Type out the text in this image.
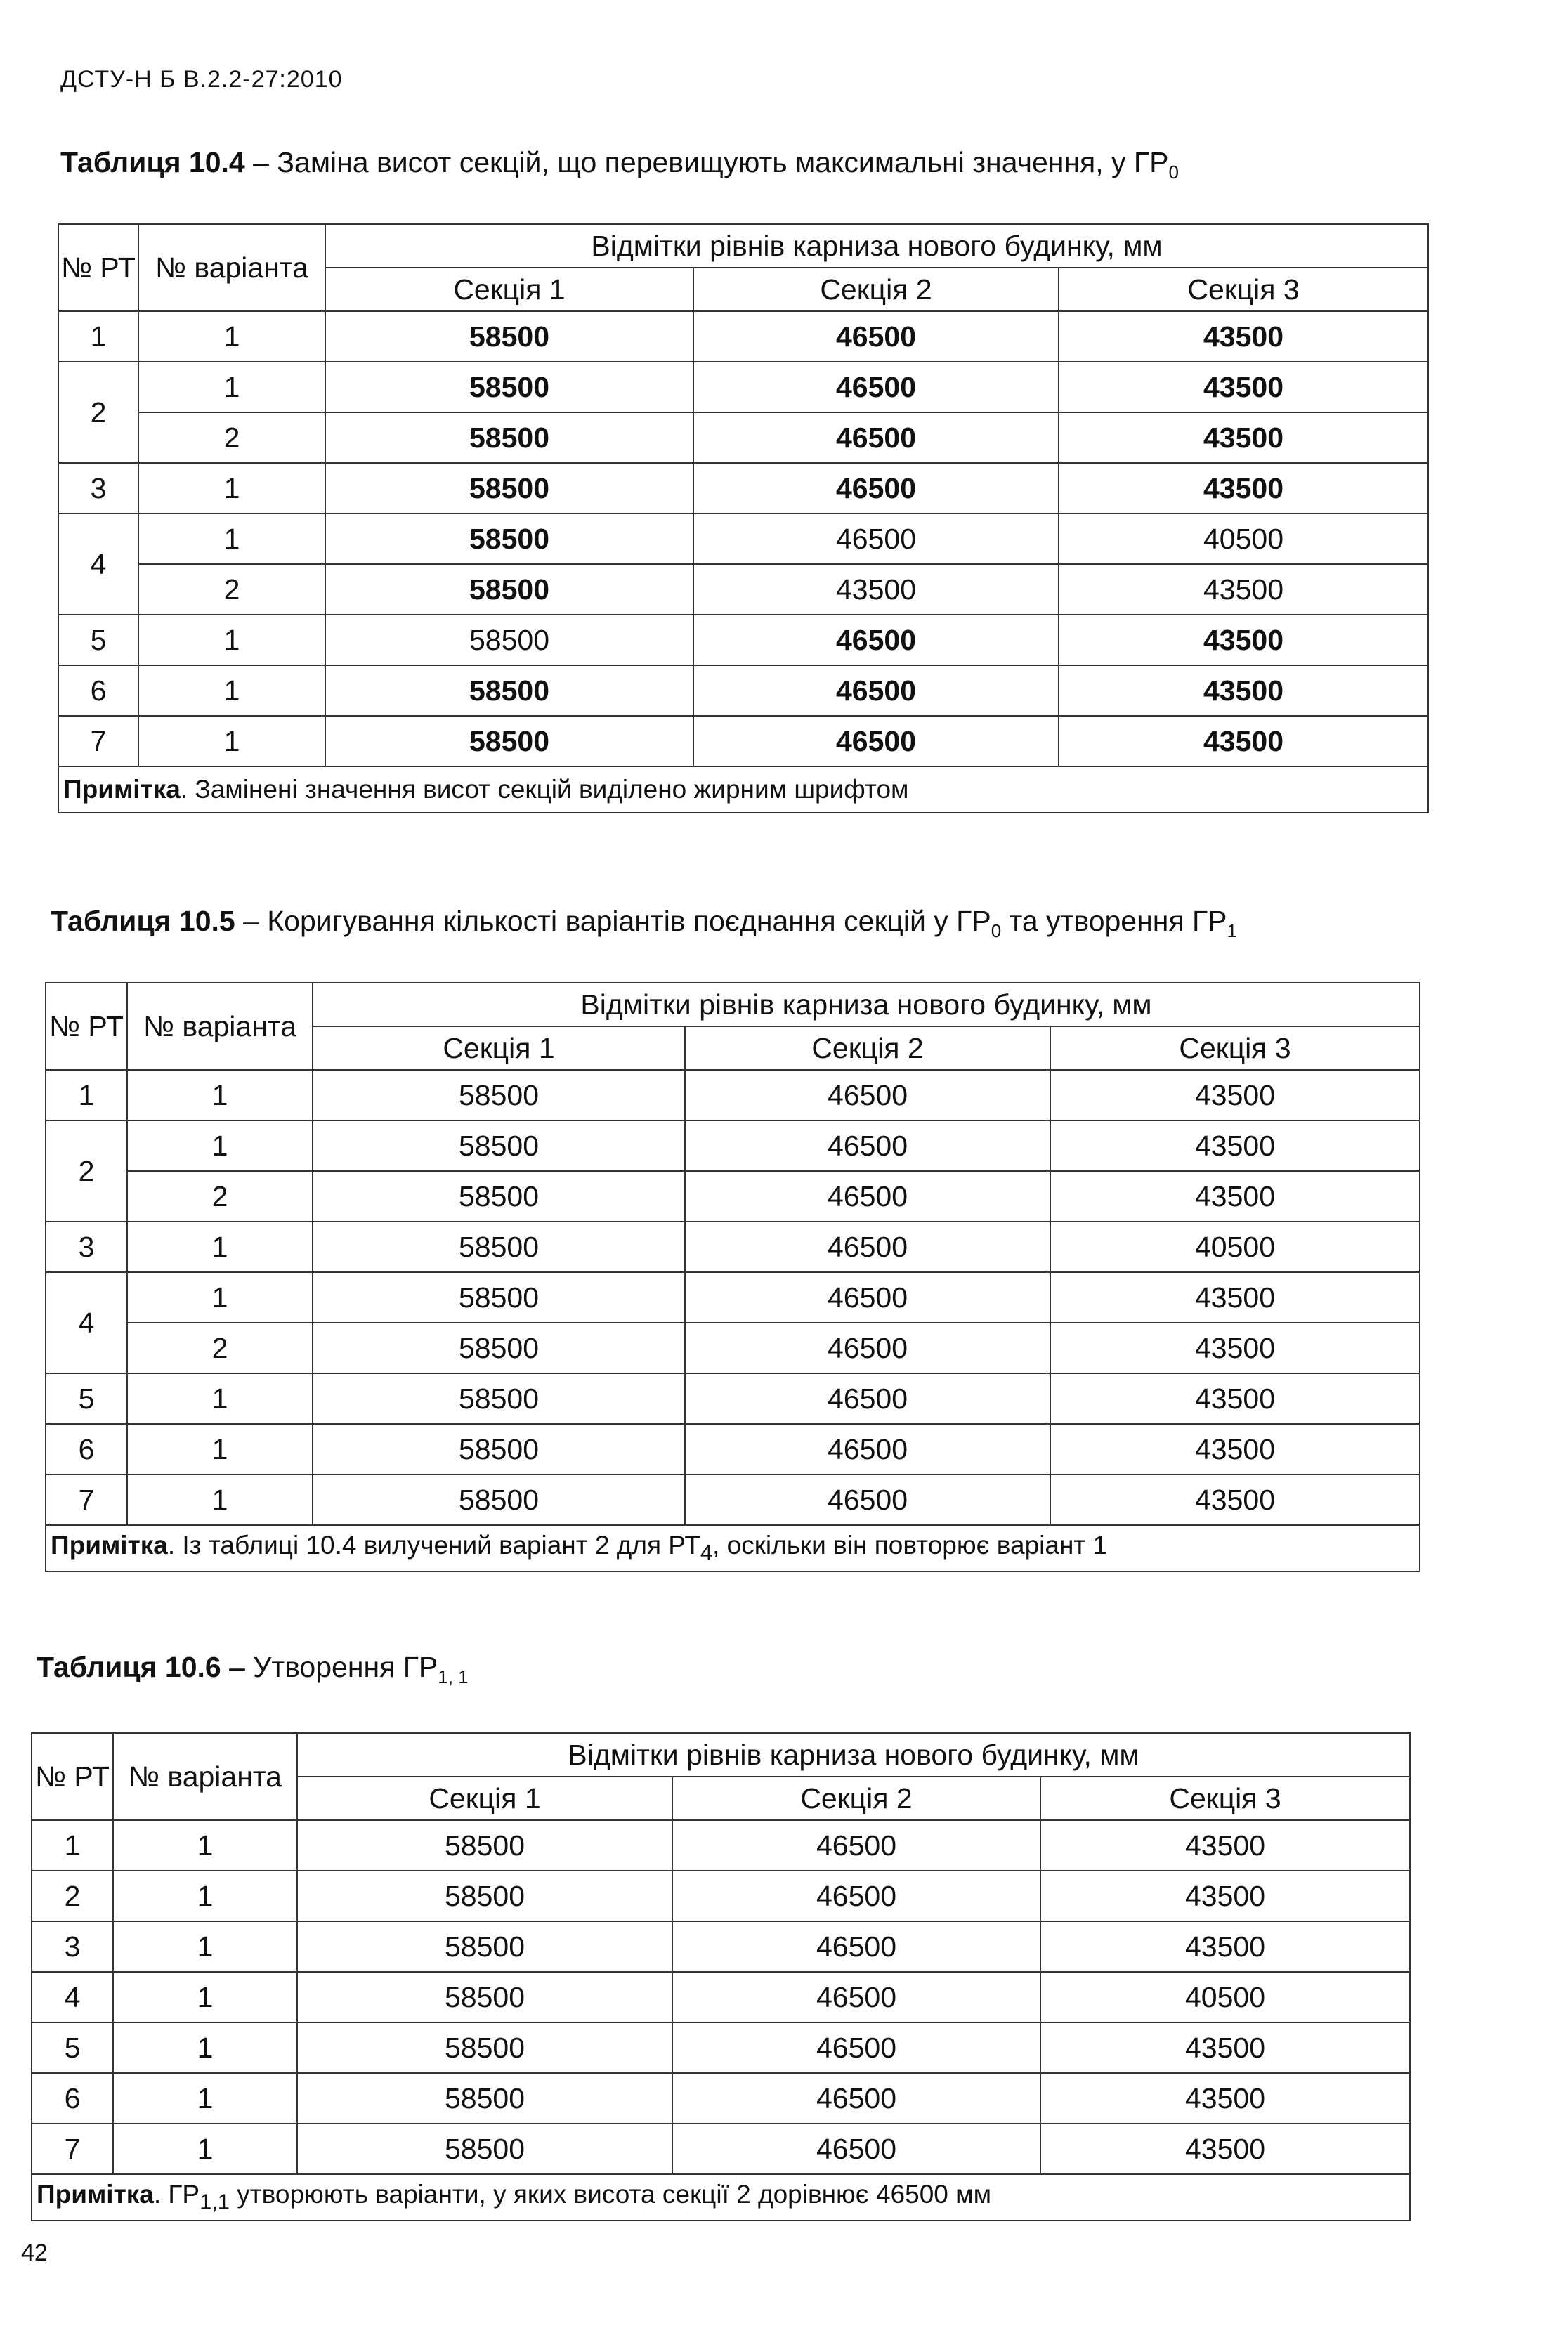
ДСТУ-Н Б В.2.2-27:2010
Таблиця 10.4 – Заміна висот секцій, що перевищують максимальні значення, у $ГР_0$
№ РТ	№ варіанта	Відмітки рівнів карниза нового будинку, мм		
		Секція 1	Секція 2	Секція 3
1	1	58500	46500	43500
2	1	58500	46500	43500
	2	58500	46500	43500
3	1	58500	46500	43500
4	1	58500	46500	40500
	2	58500	43500	43500
5	1	58500	46500	43500
6	1	58500	46500	43500
7	1	58500	46500	43500
Примітка. Замінені значення висот секцій виділено жирним шрифтом				
Таблиця 10.5 – Коригування кількості варіантів поєднання секцій у $ГР_0$ та утворення $ГР_1$
№ РТ	№ варіанта	Відмітки рівнів карниза нового будинку, мм		
		Секція 1	Секція 2	Секція 3
1	1	58500	46500	43500
2	1	58500	46500	43500
	2	58500	46500	43500
3	1	58500	46500	40500
4	1	58500	46500	43500
	2	58500	46500	43500
5	1	58500	46500	43500
6	1	58500	46500	43500
7	1	58500	46500	43500
Примітка. Із таблиці 10.4 вилучений варіант 2 для $РТ_4$, оскільки він повторює варіант 1				
Таблиця 10.6 – Утворення $ГР_{1, 1}$
№ РТ	№ варіанта	Відмітки рівнів карниза нового будинку, мм		
		Секція 1	Секція 2	Секція 3
1	1	58500	46500	43500
2	1	58500	46500	43500
3	1	58500	46500	43500
4	1	58500	46500	40500
5	1	58500	46500	43500
6	1	58500	46500	43500
7	1	58500	46500	43500
Примітка. $ГР_{1,1}$ утворюють варіанти, у яких висота секції 2 дорівнює 46500 мм				
42
